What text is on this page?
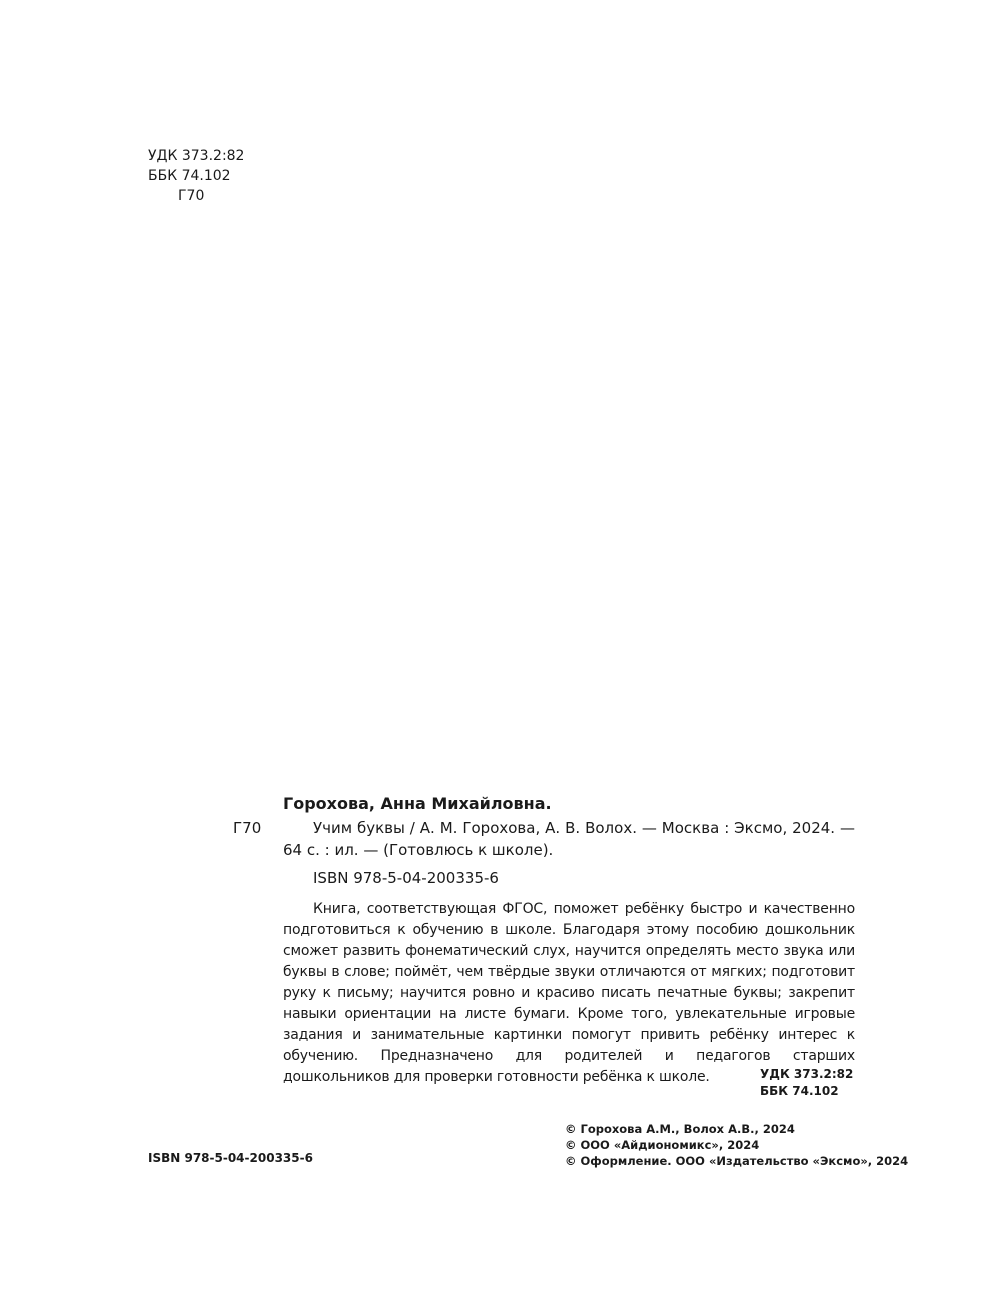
УДК 373.2:82
ББК 74.102
Г70
Горохова, Анна Михайловна.
Г70	Учим буквы / А. М. Горохова, А. В. Волох. — Москва : Эксмо, 2024. — 64 с. : ил. — (Готовлюсь к школе).
ISBN 978-5-04-200335-6
Книга, соответствующая ФГОС, поможет ребёнку быстро и качественно подготовиться к обучению в школе. Благодаря этому пособию дошкольник сможет развить фонематический слух, научится определять место звука или буквы в слове; поймёт, чем твёрдые звуки отличаются от мягких; подготовит руку к письму; научится ровно и красиво писать печатные буквы; закрепит навыки ориентации на листе бумаги. Кроме того, увлекательные игровые задания и занимательные картинки помогут привить ребёнку интерес к обучению. Предназначено для родителей и педагогов старших дошкольников для проверки готовности ребёнка к школе.	УДК 373.2:82
ББК 74.102
ISBN 978-5-04-200335-6
© Горохова А.М., Волох А.В., 2024
© ООО «Айдиономикс», 2024
© Оформление. ООО «Издательство «Эксмо», 2024
